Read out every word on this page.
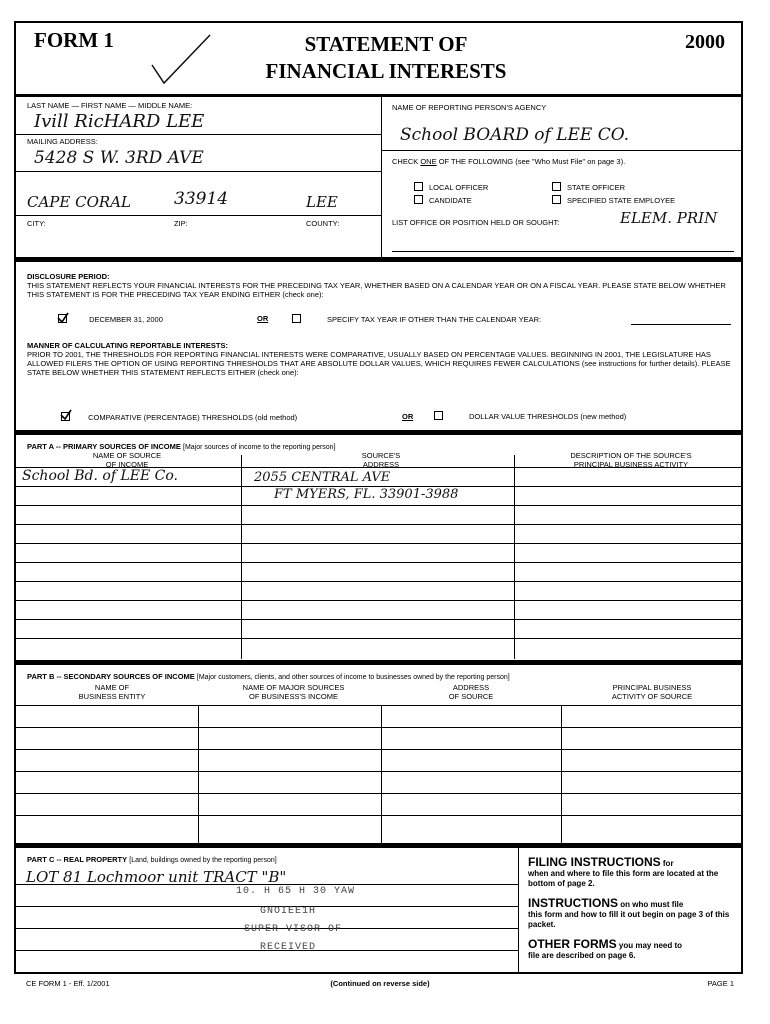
FORM 1	STATEMENT OF
FINANCIAL INTERESTS
2000
LAST NAME — FIRST NAME — MIDDLE NAME:
Ivill RicHARD LEE
MAILING ADDRESS:
5428 S W. 3RD AVE
CAPE CORAL	33914	LEE
CITY:	ZIP:	COUNTY:
NAME OF REPORTING PERSON'S AGENCY
School BOARD of LEE CO.
CHECK ONE OF THE FOLLOWING (see "Who Must File" on page 3).
LOCAL OFFICER	STATE OFFICER
CANDIDATE	SPECIFIED STATE EMPLOYEE
LIST OFFICE OR POSITION HELD OR SOUGHT:	ELEM. PRIN
DISCLOSURE PERIOD:
THIS STATEMENT REFLECTS YOUR FINANCIAL INTERESTS FOR THE PRECEDING TAX YEAR, WHETHER BASED ON A CALENDAR YEAR OR ON A FISCAL YEAR. PLEASE STATE BELOW WHETHER THIS STATEMENT IS FOR THE PRECEDING TAX YEAR ENDING EITHER (check one):
DECEMBER 31, 2000	OR	SPECIFY TAX YEAR IF OTHER THAN THE CALENDAR YEAR:
MANNER OF CALCULATING REPORTABLE INTERESTS:
PRIOR TO 2001, THE THRESHOLDS FOR REPORTING FINANCIAL INTERESTS WERE COMPARATIVE, USUALLY BASED ON PERCENTAGE VALUES. BEGINNING IN 2001, THE LEGISLATURE HAS ALLOWED FILERS THE OPTION OF USING REPORTING THRESHOLDS THAT ARE ABSOLUTE DOLLAR VALUES, WHICH REQUIRES FEWER CALCULATIONS (see instructions for further details). PLEASE STATE BELOW WHETHER THIS STATEMENT REFLECTS EITHER (check one):
COMPARATIVE (PERCENTAGE) THRESHOLDS (old method)	OR	DOLLAR VALUE THRESHOLDS (new method)
PART A -- PRIMARY SOURCES OF INCOME [Major sources of income to the reporting person]
NAME OF SOURCE
OF INCOME
SOURCE'S
ADDRESS
DESCRIPTION OF THE SOURCE'S
PRINCIPAL BUSINESS ACTIVITY
School Bd. of LEE Co.	2055 CENTRAL AVE
FT MYERS, FL. 33901-3988
PART B -- SECONDARY SOURCES OF INCOME [Major customers, clients, and other sources of income to businesses owned by the reporting person]
NAME OF
BUSINESS ENTITY
NAME OF MAJOR SOURCES
OF BUSINESS'S INCOME
ADDRESS
OF SOURCE
PRINCIPAL BUSINESS
ACTIVITY OF SOURCE
PART C -- REAL PROPERTY [Land, buildings owned by the reporting person]
LOT 81 Lochmoor unit TRACT "B"
10. H 65 H 30 YAW
GNOIEE1H
SUPER VISOR OF
RECEIVED
FILING INSTRUCTIONS for
when and where to file this form are located at the bottom of page 2.
INSTRUCTIONS on who must file
this form and how to fill it out begin on page 3 of this packet.
OTHER FORMS you may need to
file are described on page 6.
CE FORM 1 - Eff. 1/2001	(Continued on reverse side)	PAGE 1
